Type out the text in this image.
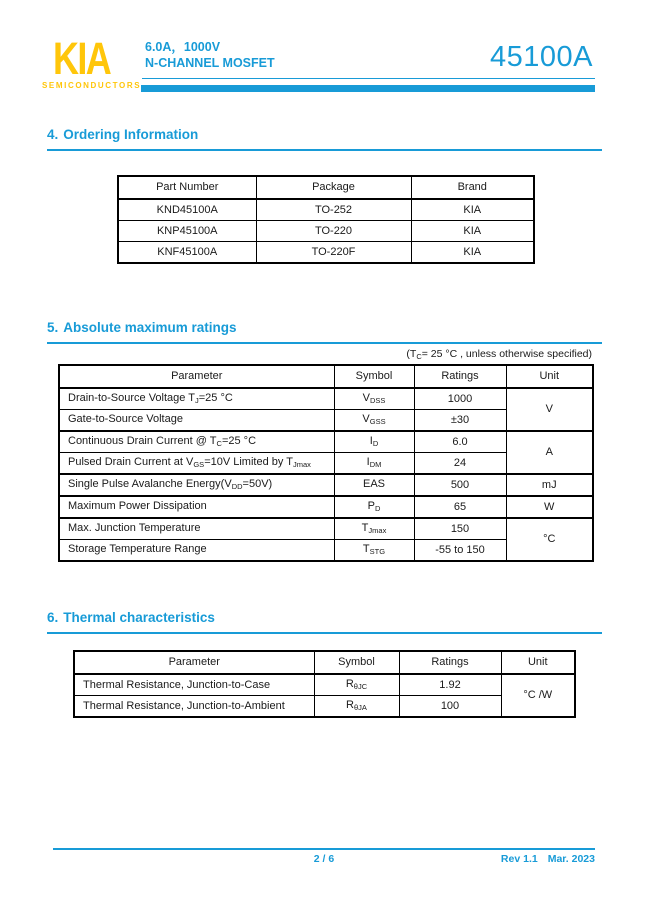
KIA
SEMICONDUCTORS
6.0A，1000V
N-CHANNEL MOSFET	45100A
4. Ordering Information
Part Number	Package	Brand
KND45100A	TO-252	KIA
KNP45100A	TO-220	KIA
KNF45100A	TO-220F	KIA
5. Absolute maximum ratings
($T_C= 25$ °C , unless otherwise specified)
Parameter	Symbol	Ratings	Unit
Drain-to-Source Voltage $T_J=25$ °C	$V_{DSS}$	1000	V
Gate-to-Source Voltage	$V_{GSS}$	±30	
Continuous Drain Current @ $T_C=25$ °C	$I_D$	6.0	A
Pulsed Drain Current at $V_{GS}=10V$ Limited by $T_{Jmax}$	$I_{DM}$	24	
Single Pulse Avalanche $Energy(V_{DD}=50V)$	EAS	500	mJ
Maximum Power Dissipation	$P_D$	65	W
Max. Junction Temperature	$T_{Jmax}$	150	°C
Storage Temperature Range	$T_{STG}$	-55 to 150	
6. Thermal characteristics
Parameter	Symbol	Ratings	Unit
Thermal Resistance, Junction-to-Case	$R_{\theta JC}$	1.92	°C /W
Thermal Resistance, Junction-to-Ambient	$R_{\theta JA}$	100	
2 / 6	Rev 1.1 Mar. 2023
